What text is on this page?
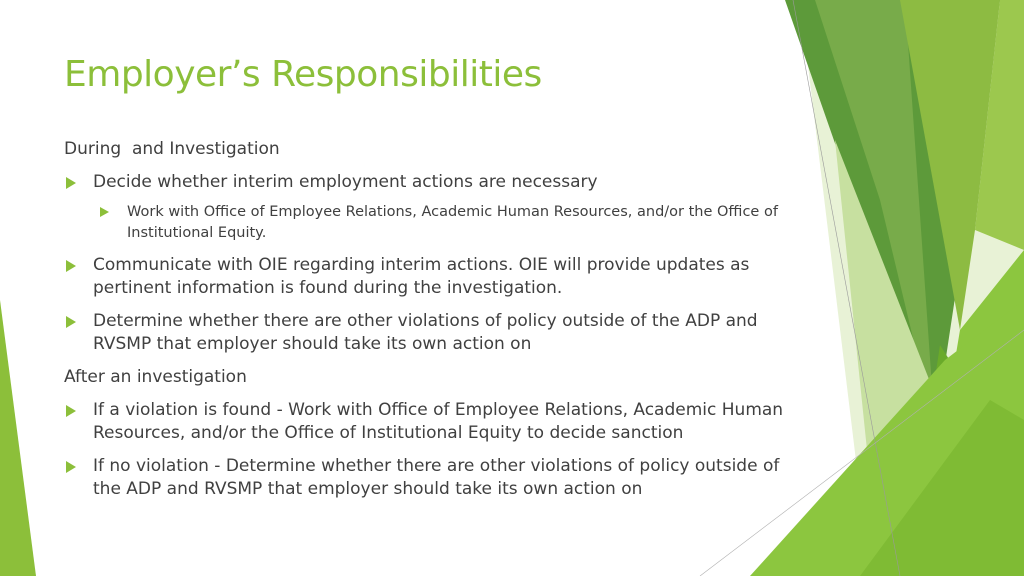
Employer’s Responsibilities
During  and Investigation
Decide whether interim employment actions are necessary
Work with Office of Employee Relations, Academic Human Resources, and/or the Office of Institutional Equity.
Communicate with OIE regarding interim actions. OIE will provide updates as pertinent information is found during the investigation.
Determine whether there are other violations of policy outside of the ADP and RVSMP that employer should take its own action on
After an investigation
If a violation is found - Work with Office of Employee Relations, Academic Human Resources, and/or the Office of Institutional Equity to decide sanction
If no violation - Determine whether there are other violations of policy outside of the ADP and RVSMP that employer should take its own action on
